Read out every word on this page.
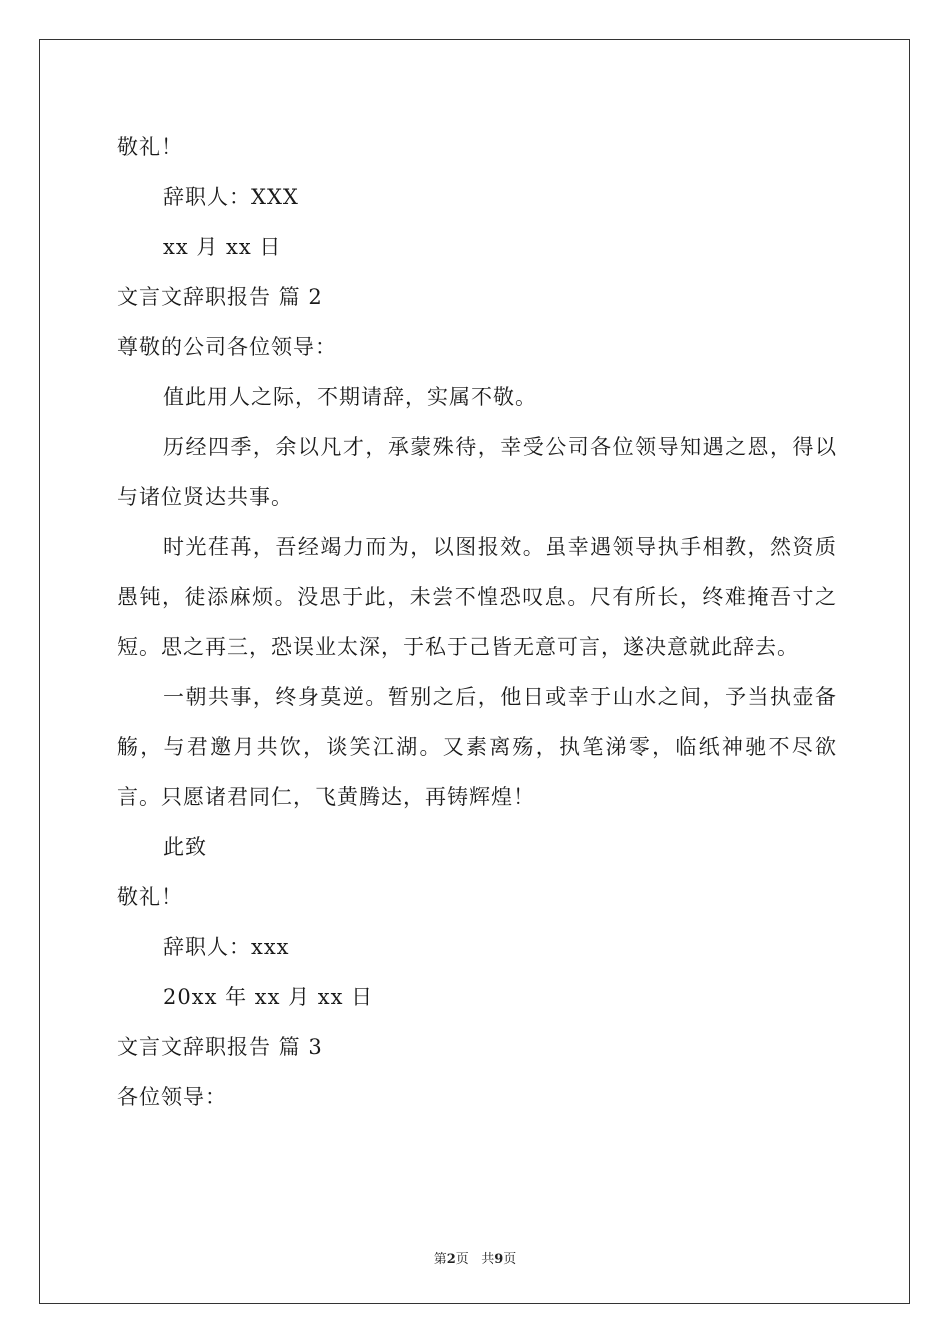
敬礼！
辞职人：XXX
xx 月 xx 日
文言文辞职报告 篇 2
尊敬的公司各位领导：

值此用人之际，不期请辞，实属不敬。

历经四季，余以凡才，承蒙殊待，幸受公司各位领导知遇之恩，得以与诸位贤达共事。

时光荏苒，吾经竭力而为，以图报效。虽幸遇领导执手相教，然资质愚钝，徒添麻烦。没思于此，未尝不惶恐叹息。尺有所长，终难掩吾寸之短。思之再三，恐误业太深，于私于己皆无意可言，遂决意就此辞去。

一朝共事，终身莫逆。暂别之后，他日或幸于山水之间，予当执壶备觞，与君邀月共饮，谈笑江湖。又素离殇，执笔涕零，临纸神驰不尽欲言。只愿诸君同仁，飞黄腾达，再铸辉煌！

此致
敬礼！
辞职人：xxx
20xx 年 xx 月 xx 日
文言文辞职报告 篇 3
各位领导：
第2页 共9页
